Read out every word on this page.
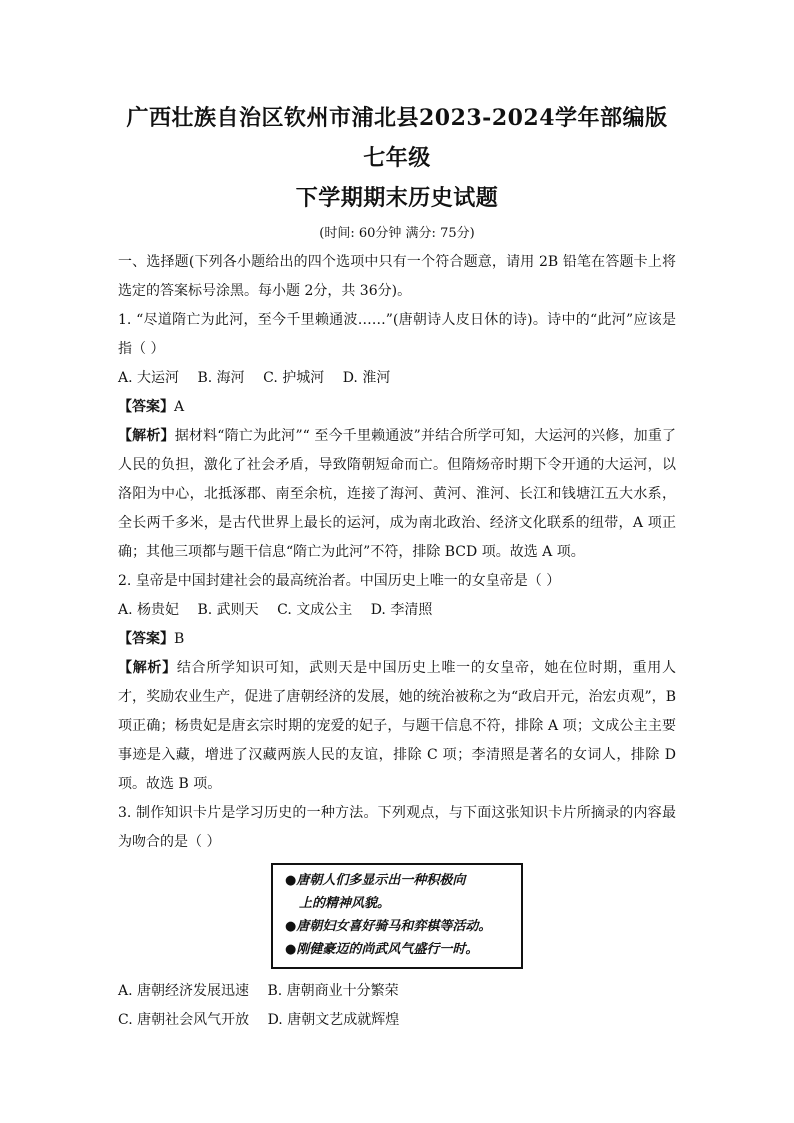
广西壮族自治区钦州市浦北县2023-2024学年部编版七年级
下学期期末历史试题

(时间: 60分钟 满分: 75分)

一、选择题(下列各小题给出的四个选项中只有一个符合题意，请用 2B 铅笔在答题卡上将选定的答案标号涂黑。每小题 2分，共 36分)。

1. “尽道隋亡为此河，至今千里赖通波……”(唐朝诗人皮日休的诗)。诗中的“此河”应该是指（ ）

A. 大运河 B. 海河 C. 护城河 D. 淮河

【答案】A

【解析】据材料“隋亡为此河”“ 至今千里赖通波”并结合所学可知，大运河的兴修，加重了人民的负担，激化了社会矛盾，导致隋朝短命而亡。但隋炀帝时期下令开通的大运河，以洛阳为中心，北抵涿郡、南至余杭，连接了海河、黄河、淮河、长江和钱塘江五大水系，全长两千多米，是古代世界上最长的运河，成为南北政治、经济文化联系的纽带，A 项正确；其他三项都与题干信息“隋亡为此河”不符，排除 BCD 项。故选 A 项。

2. 皇帝是中国封建社会的最高统治者。中国历史上唯一的女皇帝是（ ）

A. 杨贵妃 B. 武则天 C. 文成公主 D. 李清照

【答案】B

【解析】结合所学知识可知，武则天是中国历史上唯一的女皇帝，她在位时期，重用人才，奖励农业生产，促进了唐朝经济的发展，她的统治被称之为“政启开元，治宏贞观”，B 项正确；杨贵妃是唐玄宗时期的宠爱的妃子，与题干信息不符，排除 A 项；文成公主主要事迹是入藏，增进了汉藏两族人民的友谊，排除 C 项；李清照是著名的女词人，排除 D 项。故选 B 项。

3. 制作知识卡片是学习历史的一种方法。下列观点，与下面这张知识卡片所摘录的内容最为吻合的是（ ）

●唐朝人们多显示出一种积极向
上的精神风貌。
●唐朝妇女喜好骑马和弈棋等活动。
●刚健豪迈的尚武风气盛行一时。

A. 唐朝经济发展迅速 B. 唐朝商业十分繁荣

C. 唐朝社会风气开放 D. 唐朝文艺成就辉煌
